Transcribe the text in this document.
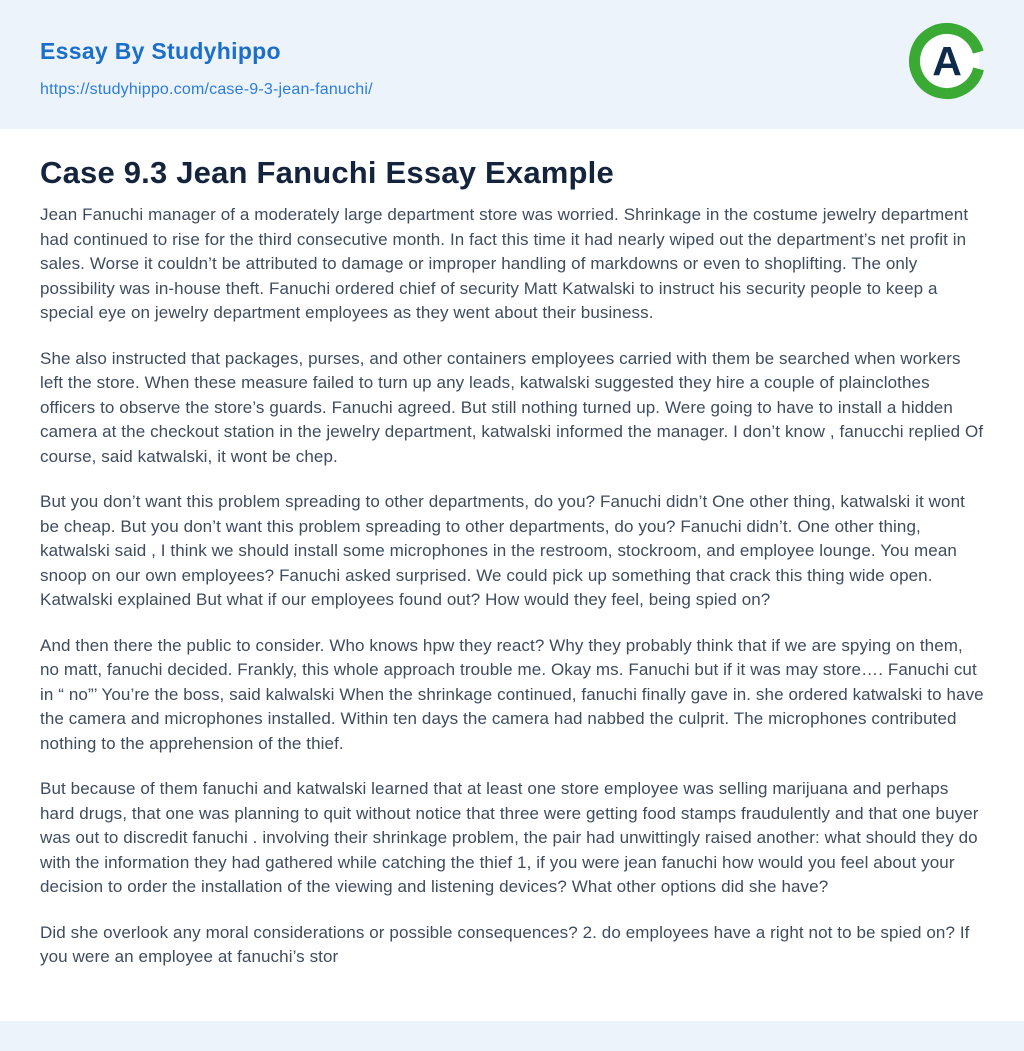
Essay By Studyhippo
https://studyhippo.com/case-9-3-jean-fanuchi/
A
Case 9.3 Jean Fanuchi Essay Example

Jean Fanuchi manager of a moderately large department store was worried. Shrinkage in the costume jewelry department had continued to rise for the third consecutive month. In fact this time it had nearly wiped out the department’s net profit in sales. Worse it couldn’t be attributed to damage or improper handling of markdowns or even to shoplifting. The only possibility was in-house theft. Fanuchi ordered chief of security Matt Katwalski to instruct his security people to keep a special eye on jewelry department employees as they went about their business.

She also instructed that packages, purses, and other containers employees carried with them be searched when workers left the store. When these measure failed to turn up any leads, katwalski suggested they hire a couple of plainclothes officers to observe the store’s guards. Fanuchi agreed. But still nothing turned up. Were going to have to install a hidden camera at the checkout station in the jewelry department, katwalski informed the manager. I don’t know , fanucchi replied Of course, said katwalski, it wont be chep.

But you don’t want this problem spreading to other departments, do you? Fanuchi didn’t One other thing, katwalski it wont be cheap. But you don’t want this problem spreading to other departments, do you? Fanuchi didn’t. One other thing, katwalski said , I think we should install some microphones in the restroom, stockroom, and employee lounge. You mean snoop on our own employees? Fanuchi asked surprised. We could pick up something that crack this thing wide open. Katwalski explained But what if our employees found out? How would they feel, being spied on?

And then there the public to consider. Who knows hpw they react? Why they probably think that if we are spying on them, no matt, fanuchi decided. Frankly, this whole approach trouble me. Okay ms. Fanuchi but if it was may store…. Fanuchi cut in “ no”’ You’re the boss, said kalwalski When the shrinkage continued, fanuchi finally gave in. she ordered katwalski to have the camera and microphones installed. Within ten days the camera had nabbed the culprit. The microphones contributed nothing to the apprehension of the thief.

But because of them fanuchi and katwalski learned that at least one store employee was selling marijuana and perhaps hard drugs, that one was planning to quit without notice that three were getting food stamps fraudulently and that one buyer was out to discredit fanuchi . involving their shrinkage problem, the pair had unwittingly raised another: what should they do with the information they had gathered while catching the thief 1, if you were jean fanuchi how would you feel about your decision to order the installation of the viewing and listening devices? What other options did she have?

Did she overlook any moral considerations or possible consequences? 2. do employees have a right not to be spied on? If you were an employee at fanuchi’s stor
